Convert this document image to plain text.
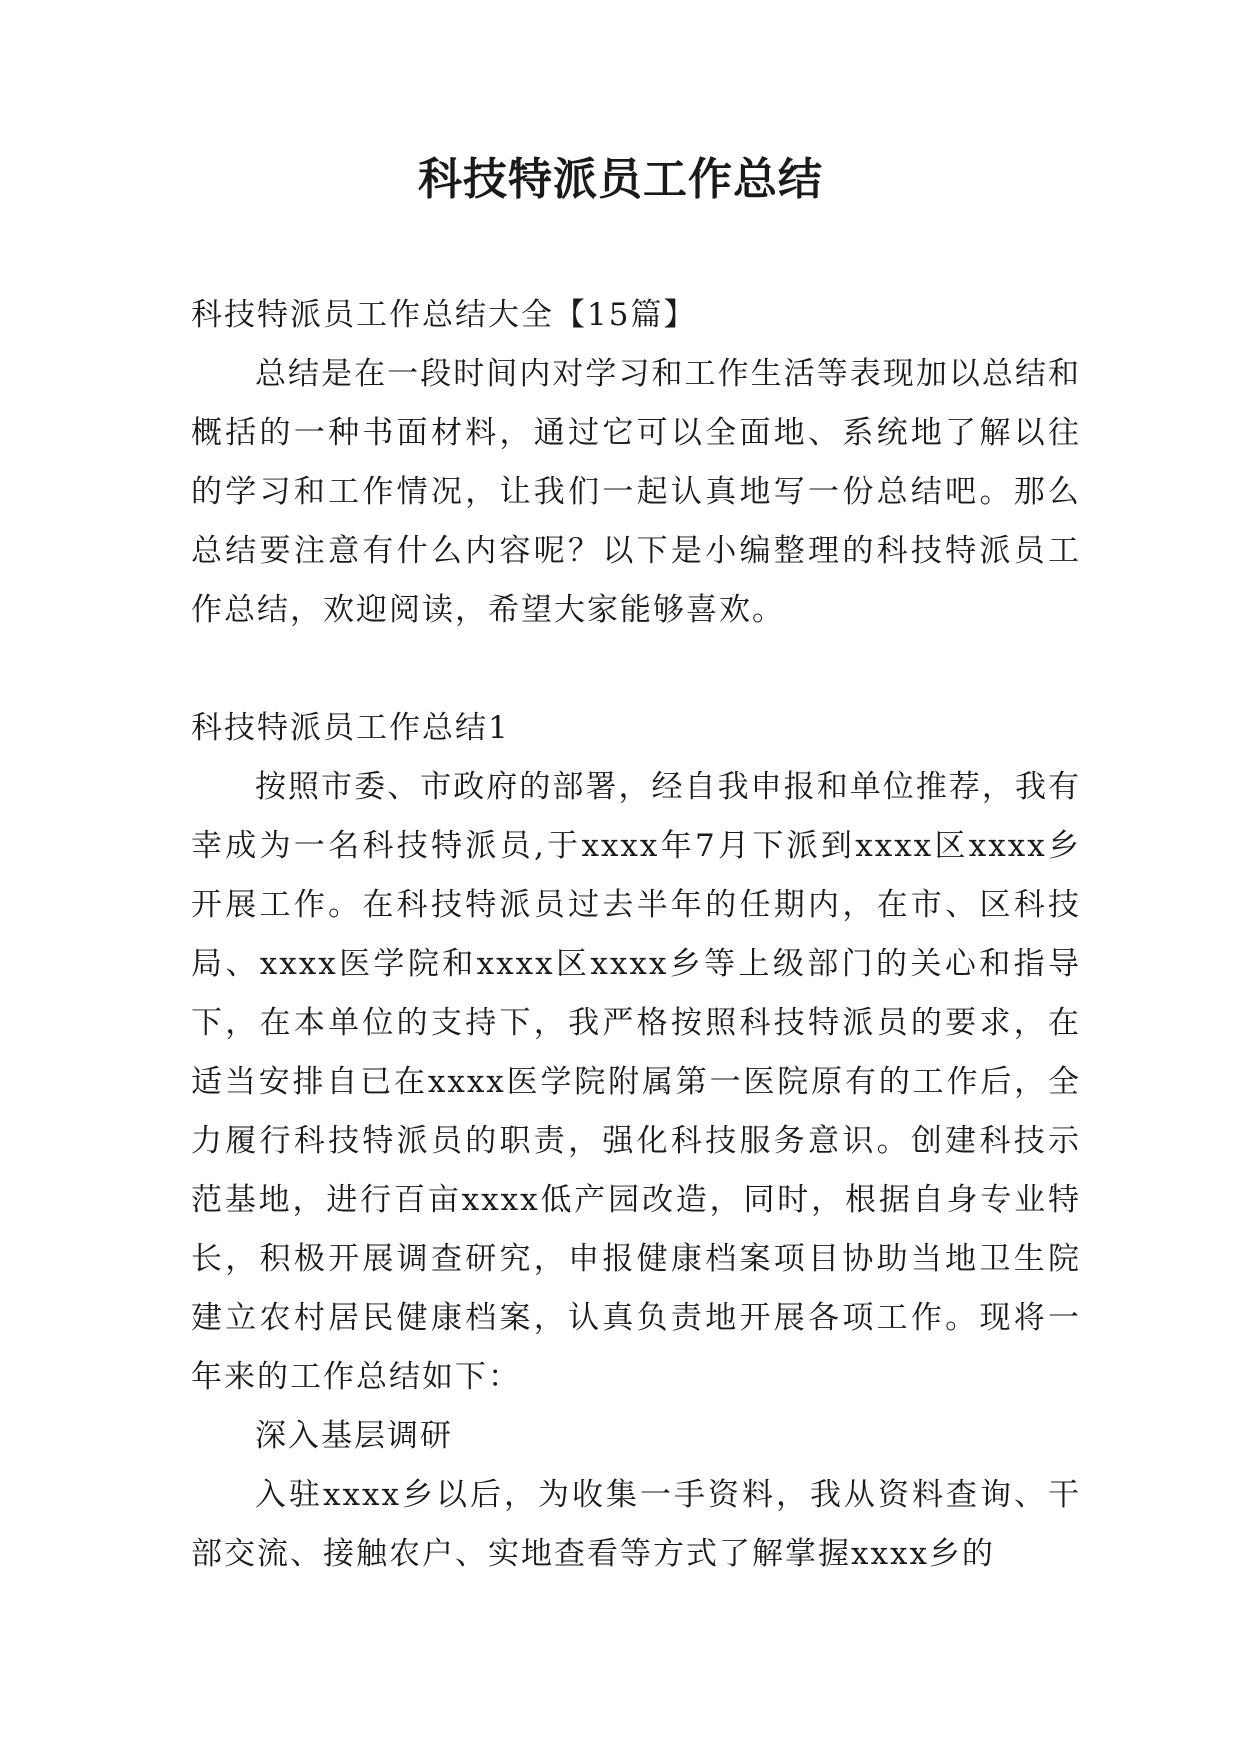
科技特派员工作总结

科技特派员工作总结大全【15篇】

总结是在一段时间内对学习和工作生活等表现加以总结和概括的一种书面材料，通过它可以全面地、系统地了解以往的学习和工作情况，让我们一起认真地写一份总结吧。那么总结要注意有什么内容呢？以下是小编整理的科技特派员工作总结，欢迎阅读，希望大家能够喜欢。

科技特派员工作总结1

按照市委、市政府的部署，经自我申报和单位推荐，我有幸成为一名科技特派员,于xxxx年7月下派到xxxx区xxxx乡开展工作。在科技特派员过去半年的任期内，在市、区科技局、xxxx医学院和xxxx区xxxx乡等上级部门的关心和指导下，在本单位的支持下，我严格按照科技特派员的要求，在适当安排自已在xxxx医学院附属第一医院原有的工作后，全力履行科技特派员的职责，强化科技服务意识。创建科技示范基地，进行百亩xxxx低产园改造，同时，根据自身专业特长，积极开展调查研究，申报健康档案项目协助当地卫生院建立农村居民健康档案，认真负责地开展各项工作。现将一年来的工作总结如下：

深入基层调研

入驻xxxx乡以后，为收集一手资料，我从资料查询、干部交流、接触农户、实地查看等方式了解掌握xxxx乡的
